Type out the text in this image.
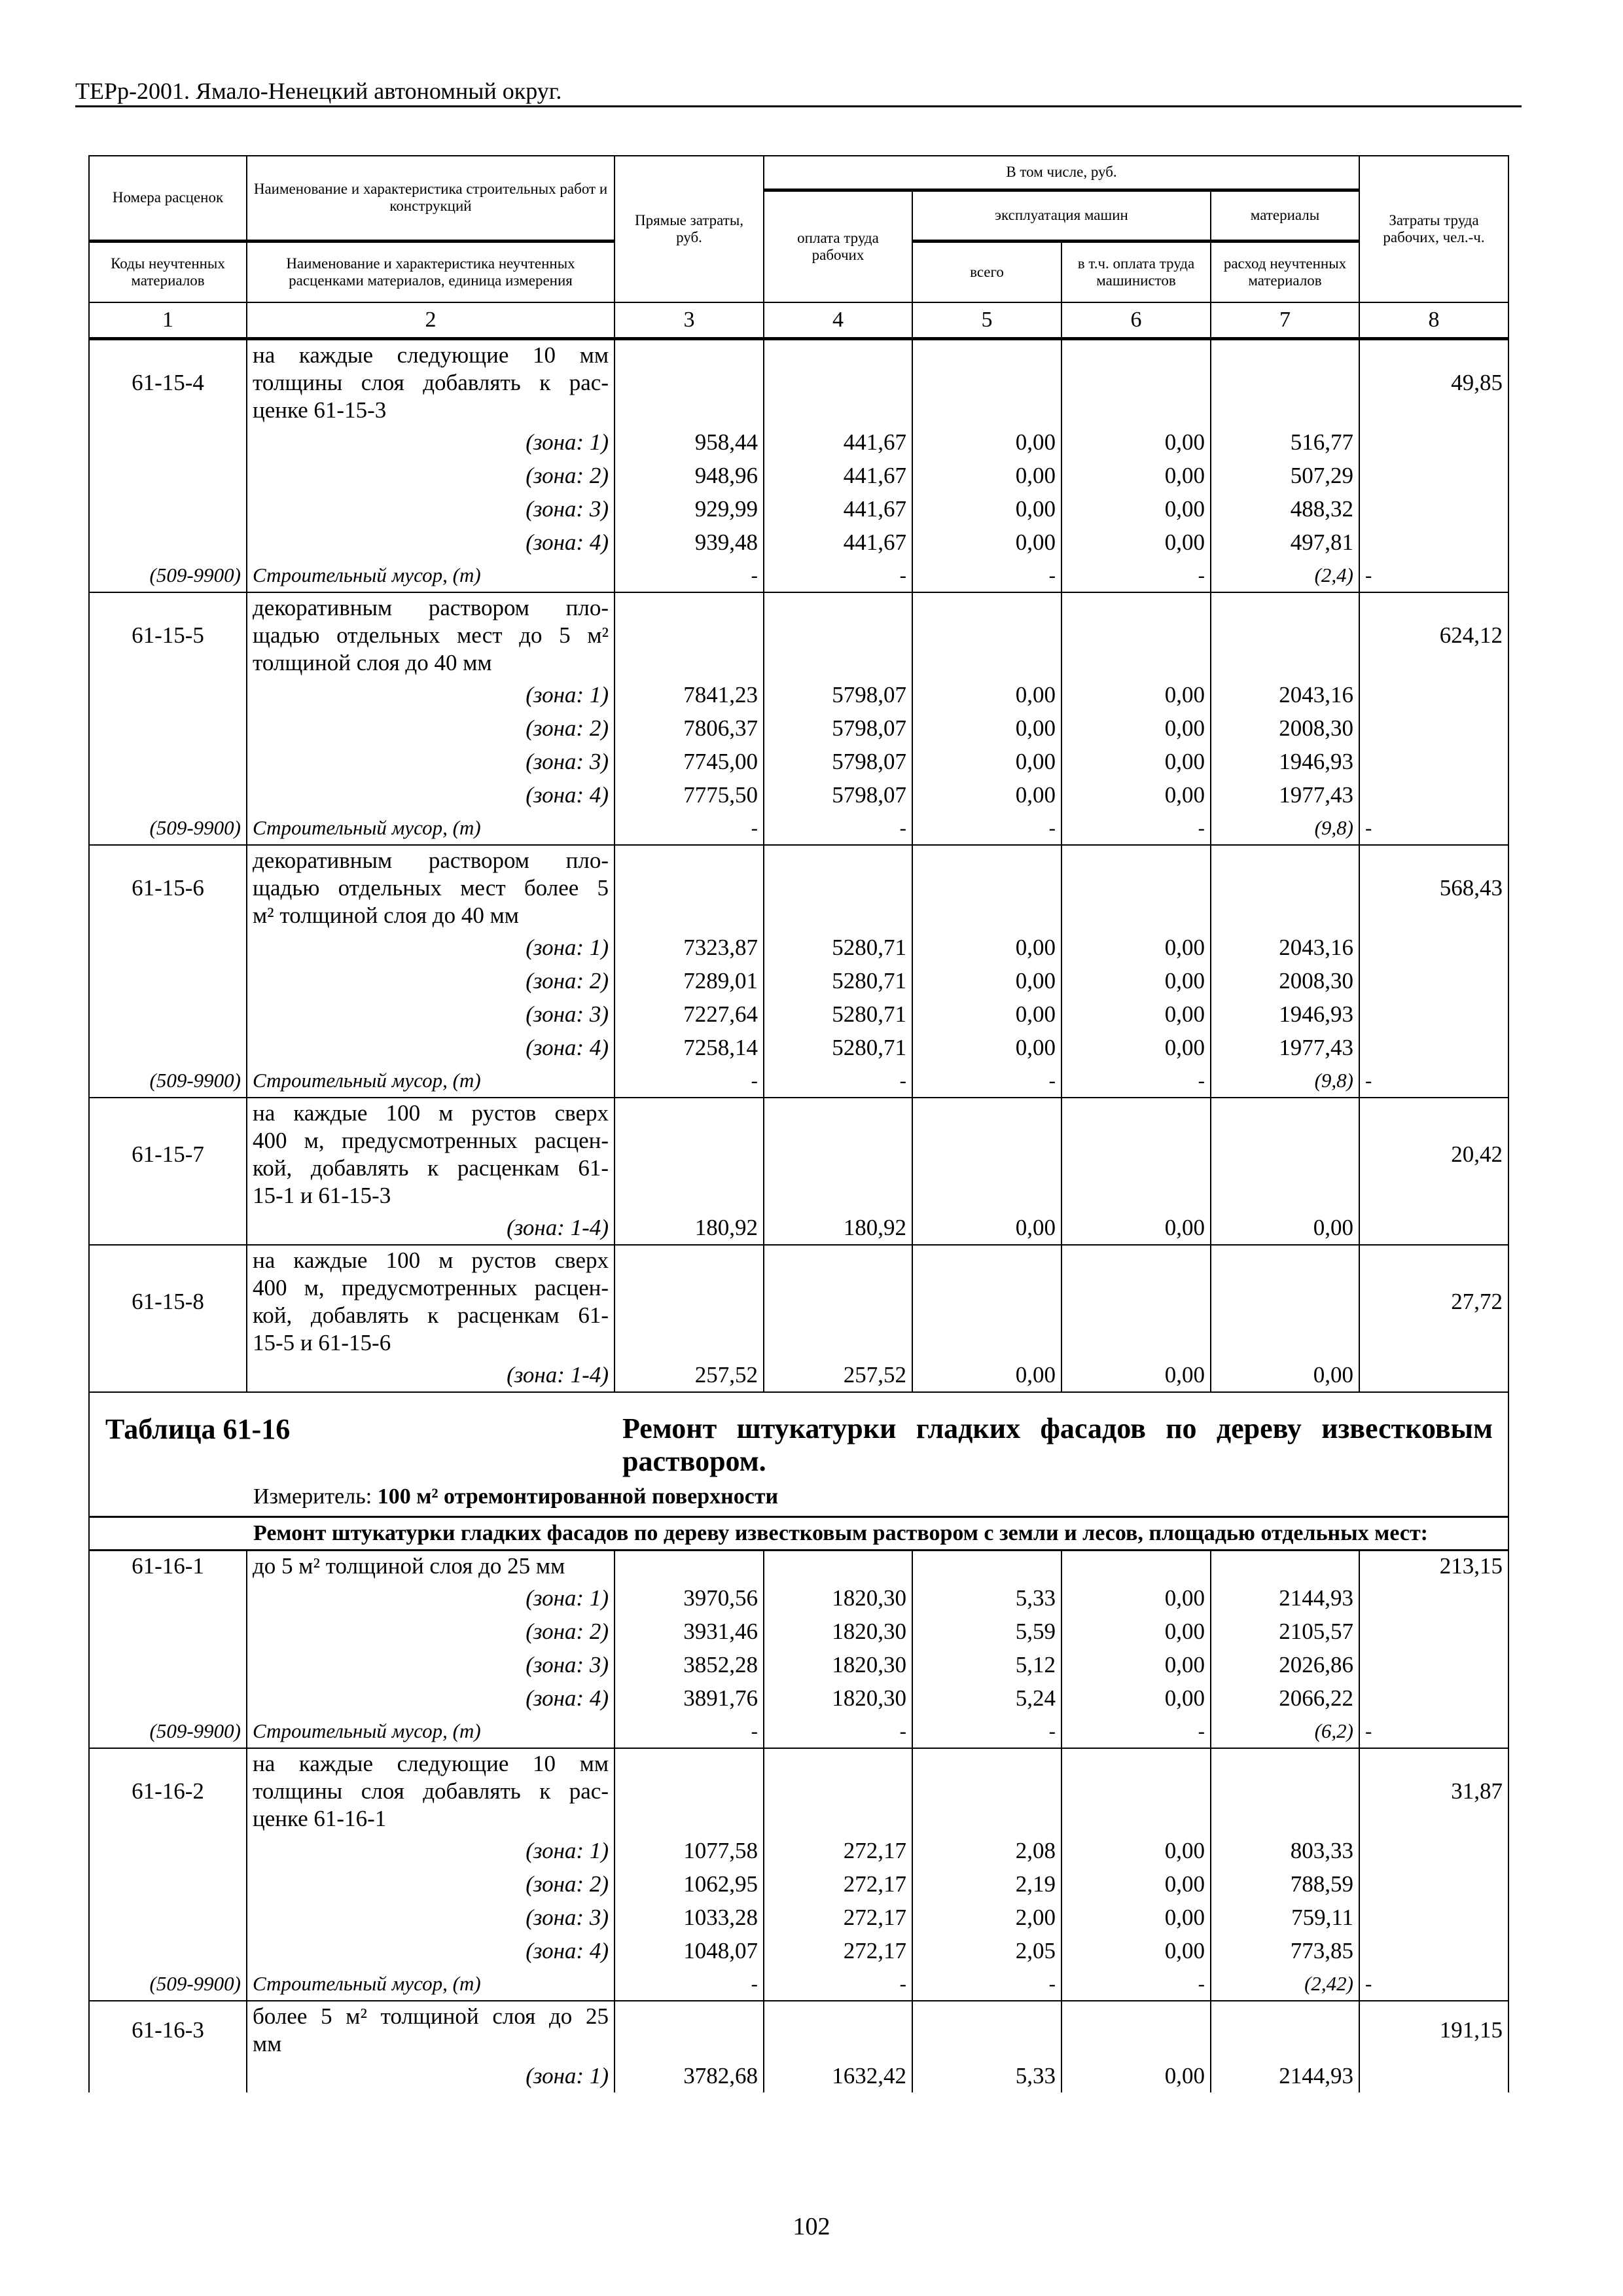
ТЕРр-2001. Ямало-Ненецкий автономный округ.
Номера расценок	Наименование и характеристика строительных работ и конструкций	Прямые затраты, руб.	В том числе, руб.				Затраты труда рабочих, чел.-ч.
			оплата труда рабочих	эксплуатация машин		материалы	
Коды неучтенных материалов	Наименование и характеристика неучтенных расценками материалов, единица измерения			всего	в т.ч. оплата труда машинистов	расход неучтенных материалов	
1	2	3	4	5	6	7	8
61-15-4	на каждые следующие 10 мм
толщины слоя добавлять к рас-
ценке 61-15-3						49,85
	(зона: 1)	958,44	441,67	0,00	0,00	516,77	
	(зона: 2)	948,96	441,67	0,00	0,00	507,29	
	(зона: 3)	929,99	441,67	0,00	0,00	488,32	
	(зона: 4)	939,48	441,67	0,00	0,00	497,81	
(509-9900)	Строительный мусор, (т)	-	-	-	-	(2,4)	-
61-15-5	декоративным раствором пло-
щадью отдельных мест до 5 м²
толщиной слоя до 40 мм						624,12
	(зона: 1)	7841,23	5798,07	0,00	0,00	2043,16	
	(зона: 2)	7806,37	5798,07	0,00	0,00	2008,30	
	(зона: 3)	7745,00	5798,07	0,00	0,00	1946,93	
	(зона: 4)	7775,50	5798,07	0,00	0,00	1977,43	
(509-9900)	Строительный мусор, (т)	-	-	-	-	(9,8)	-
61-15-6	декоративным раствором пло-
щадью отдельных мест более 5
м² толщиной слоя до 40 мм						568,43
	(зона: 1)	7323,87	5280,71	0,00	0,00	2043,16	
	(зона: 2)	7289,01	5280,71	0,00	0,00	2008,30	
	(зона: 3)	7227,64	5280,71	0,00	0,00	1946,93	
	(зона: 4)	7258,14	5280,71	0,00	0,00	1977,43	
(509-9900)	Строительный мусор, (т)	-	-	-	-	(9,8)	-
61-15-7	на каждые 100 м рустов сверх
400 м, предусмотренных расцен-
кой, добавлять к расценкам 61-
15-1 и 61-15-3						20,42
	(зона: 1-4)	180,92	180,92	0,00	0,00	0,00	
61-15-8	на каждые 100 м рустов сверх
400 м, предусмотренных расцен-
кой, добавлять к расценкам 61-
15-5 и 61-15-6						27,72
	(зона: 1-4)	257,52	257,52	0,00	0,00	0,00	

Таблица 61-16 Ремонт штукатурки гладких фасадов по дереву известковым раствором.
Измеритель: 100 м² отремонтированной поверхности							

Ремонт штукатурки гладких фасадов по дереву известковым раствором с земли и лесов, площадью отдельных мест:							
61-16-1	до 5 м² толщиной слоя до 25 мм						213,15
	(зона: 1)	3970,56	1820,30	5,33	0,00	2144,93	
	(зона: 2)	3931,46	1820,30	5,59	0,00	2105,57	
	(зона: 3)	3852,28	1820,30	5,12	0,00	2026,86	
	(зона: 4)	3891,76	1820,30	5,24	0,00	2066,22	
(509-9900)	Строительный мусор, (т)	-	-	-	-	(6,2)	-
61-16-2	на каждые следующие 10 мм
толщины слоя добавлять к рас-
ценке 61-16-1						31,87
	(зона: 1)	1077,58	272,17	2,08	0,00	803,33	
	(зона: 2)	1062,95	272,17	2,19	0,00	788,59	
	(зона: 3)	1033,28	272,17	2,00	0,00	759,11	
	(зона: 4)	1048,07	272,17	2,05	0,00	773,85	
(509-9900)	Строительный мусор, (т)	-	-	-	-	(2,42)	-
61-16-3	более 5 м² толщиной слоя до 25
мм						191,15
	(зона: 1)	3782,68	1632,42	5,33	0,00	2144,93	
102
